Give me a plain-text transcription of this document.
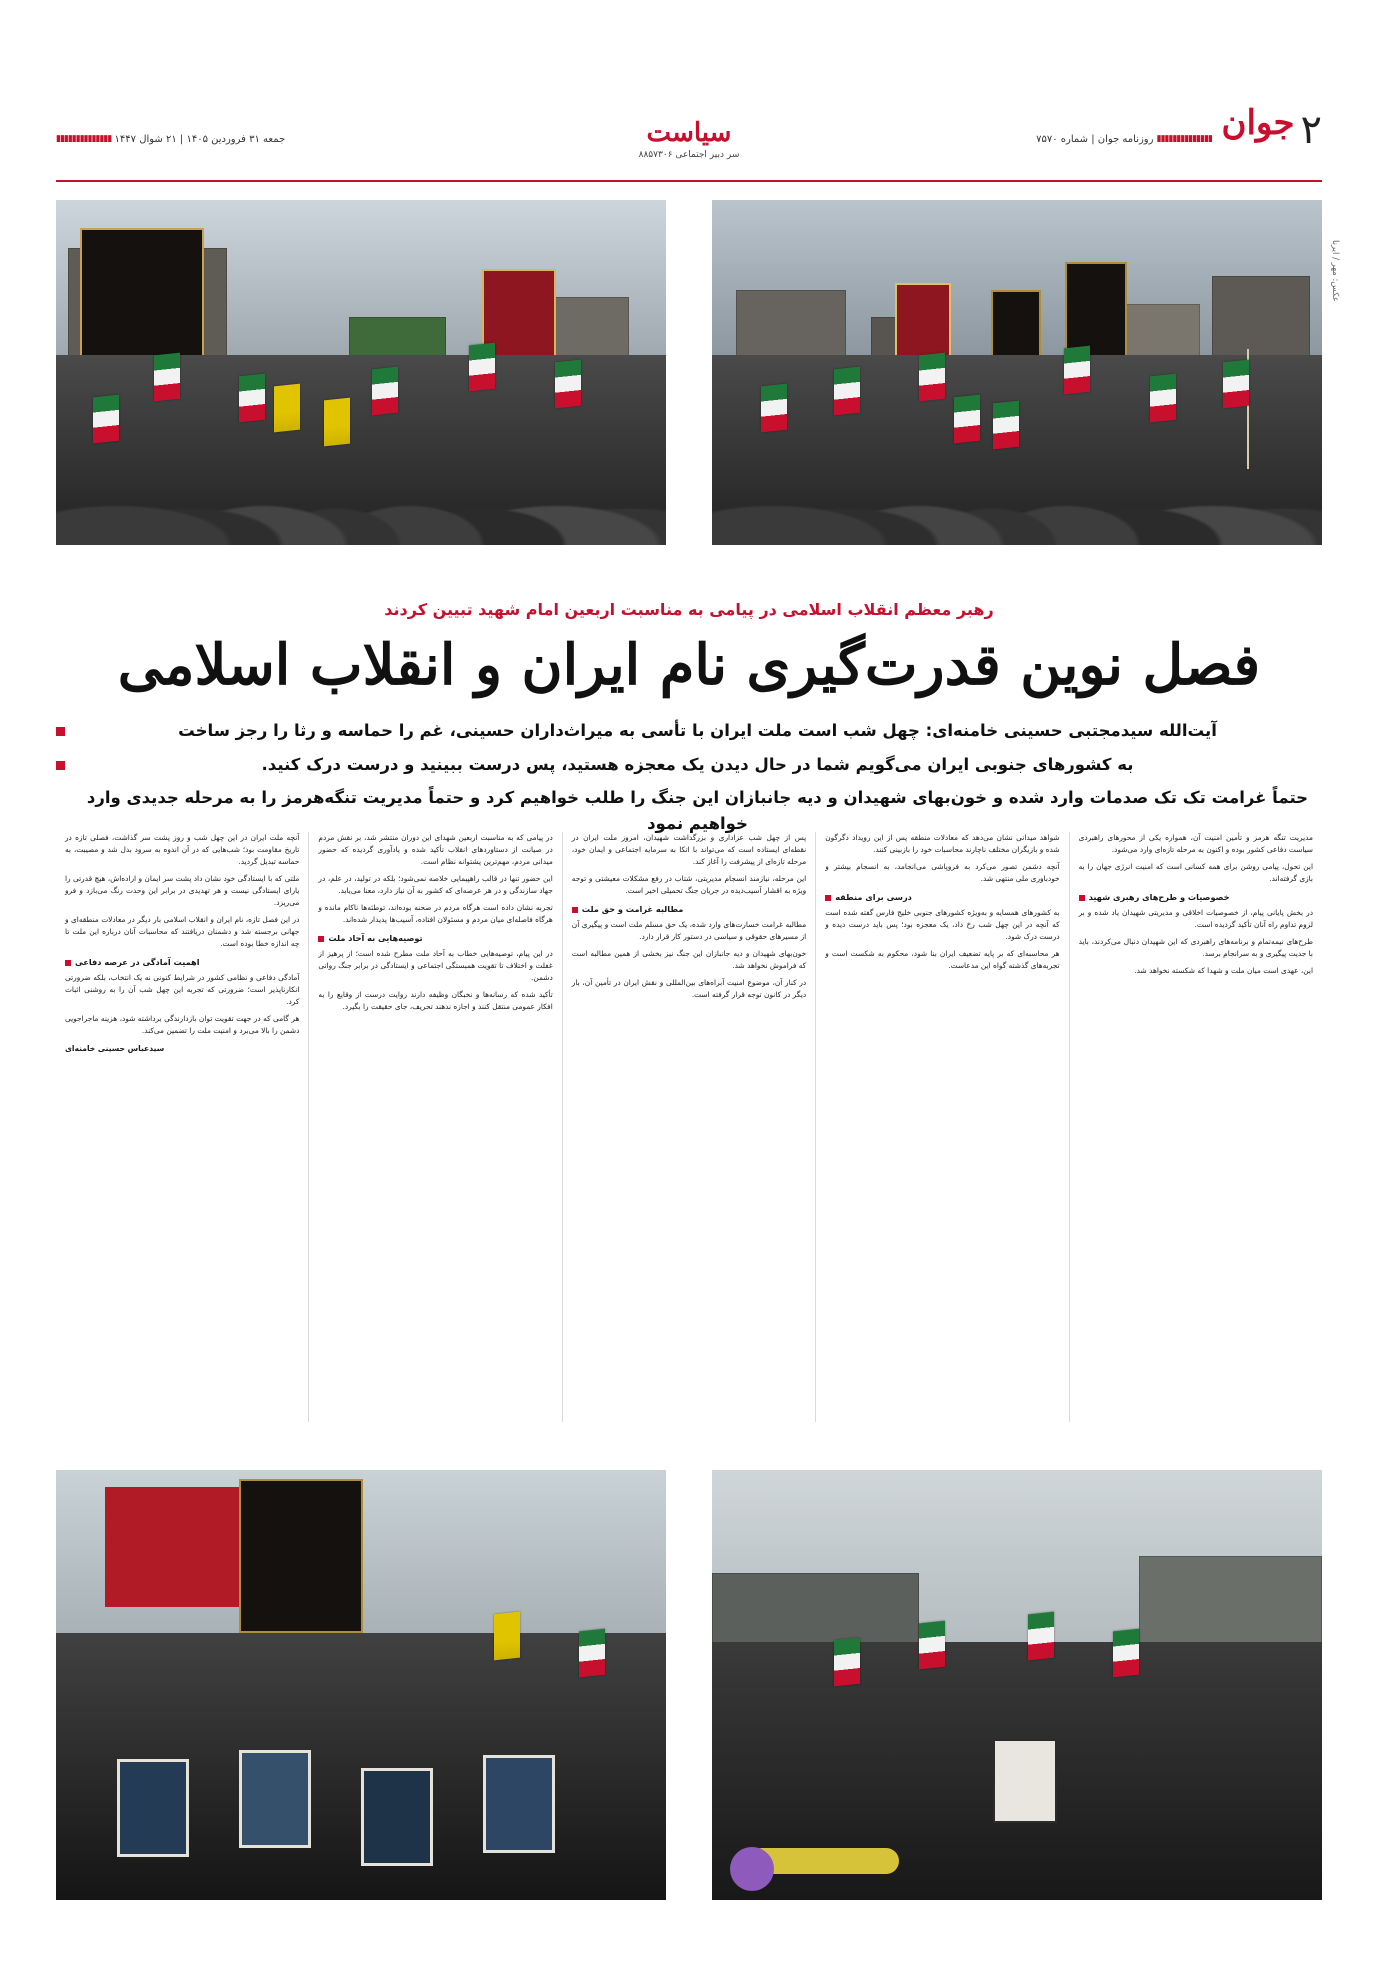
۲
جوان
▮▮▮▮▮▮▮▮▮▮▮▮▮▮ روزنامه جوان | شماره ۷۵۷۰
سیاست
سر دبیر اجتماعی ۸۸۵۷۳۰۶
جمعه ۳۱ فروردین ۱۴۰۵ | ۲۱ شوال ۱۴۴۷ ▮▮▮▮▮▮▮▮▮▮▮▮▮▮
عکس: مهر / ایرنا
رهبر معظم انقلاب اسلامی در پیامی به مناسبت اربعین امام شهید تبیین کردند
فصل نوین قدرت‌گیری نام ایران و انقلاب اسلامی
آیت‌الله سیدمجتبی حسینی خامنه‌ای: چهل شب است ملت ایران با تأسی به میراث‌داران حسینی، غم را حماسه و رثا را رجز ساخت
به کشورهای جنوبی ایران می‌گویم شما در حال دیدن یک معجزه هستید، پس درست ببینید و درست درک کنید.
حتماً غرامت تک تک صدمات وارد شده و خون‌بهای شهیدان و دیه جانبازان این جنگ را طلب خواهیم کرد و حتماً مدیریت تنگه‌هرمز را به مرحله جدیدی وارد خواهیم نمود

مدیریت تنگه هرمز و تأمین امنیت آن، همواره یکی از محورهای راهبردی سیاست دفاعی کشور بوده و اکنون به مرحله تازه‌ای وارد می‌شود.

این تحول، پیامی روشن برای همه کسانی است که امنیت انرژی جهان را به بازی گرفته‌اند.

خصوصیات و طرح‌های رهبری شهید

در بخش پایانی پیام، از خصوصیات اخلاقی و مدیریتی شهیدان یاد شده و بر لزوم تداوم راه آنان تأکید گردیده است.

طرح‌های نیمه‌تمام و برنامه‌های راهبردی که این شهیدان دنبال می‌کردند، باید با جدیت پیگیری و به سرانجام برسد.

این، عهدی است میان ملت و شهدا که شکسته نخواهد شد.

شواهد میدانی نشان می‌دهد که معادلات منطقه پس از این رویداد دگرگون شده و بازیگران مختلف ناچارند محاسبات خود را بازبینی کنند.

آنچه دشمن تصور می‌کرد به فروپاشی می‌انجامد، به انسجام بیشتر و خودباوری ملی منتهی شد.

درسی برای منطقه

به کشورهای همسایه و به‌ویژه کشورهای جنوبی خلیج فارس گفته شده است که آنچه در این چهل شب رخ داد، یک معجزه بود؛ پس باید درست دیده و درست درک شود.

هر محاسبه‌ای که بر پایه تضعیف ایران بنا شود، محکوم به شکست است و تجربه‌های گذشته گواه این مدعاست.

پس از چهل شب عزاداری و بزرگداشت شهیدان، امروز ملت ایران در نقطه‌ای ایستاده است که می‌تواند با اتکا به سرمایه اجتماعی و ایمان خود، مرحله تازه‌ای از پیشرفت را آغاز کند.

این مرحله، نیازمند انسجام مدیریتی، شتاب در رفع مشکلات معیشتی و توجه ویژه به اقشار آسیب‌دیده در جریان جنگ تحمیلی اخیر است.

مطالبه غرامت و حق ملت

مطالبه غرامت خسارت‌های وارد شده، یک حق مسلم ملت است و پیگیری آن از مسیرهای حقوقی و سیاسی در دستور کار قرار دارد.

خون‌بهای شهیدان و دیه جانبازان این جنگ نیز بخشی از همین مطالبه است که فراموش نخواهد شد.

در کنار آن، موضوع امنیت آبراه‌های بین‌المللی و نقش ایران در تأمین آن، بار دیگر در کانون توجه قرار گرفته است.

در پیامی که به مناسبت اربعین شهدای این دوران منتشر شد، بر نقش مردم در صیانت از دستاوردهای انقلاب تأکید شده و یادآوری گردیده که حضور میدانی مردم، مهم‌ترین پشتوانه نظام است.

این حضور تنها در قالب راهپیمایی خلاصه نمی‌شود؛ بلکه در تولید، در علم، در جهاد سازندگی و در هر عرصه‌ای که کشور به آن نیاز دارد، معنا می‌یابد.

تجربه نشان داده است هرگاه مردم در صحنه بوده‌اند، توطئه‌ها ناکام مانده و هرگاه فاصله‌ای میان مردم و مسئولان افتاده، آسیب‌ها پدیدار شده‌اند.

توصیه‌هایی به آحاد ملت

در این پیام، توصیه‌هایی خطاب به آحاد ملت مطرح شده است؛ از پرهیز از غفلت و اختلاف تا تقویت همبستگی اجتماعی و ایستادگی در برابر جنگ روانی دشمن.

تأکید شده که رسانه‌ها و نخبگان وظیفه دارند روایت درست از وقایع را به افکار عمومی منتقل کنند و اجازه ندهند تحریف، جای حقیقت را بگیرد.

آنچه ملت ایران در این چهل شب و روز پشت سر گذاشت، فصلی تازه در تاریخ مقاومت بود؛ شب‌هایی که در آن اندوه به سرود بدل شد و مصیبت، به حماسه تبدیل گردید.

ملتی که با ایستادگی خود نشان داد پشت سر ایمان و اراده‌اش، هیچ قدرتی را یارای ایستادگی نیست و هر تهدیدی در برابر این وحدت رنگ می‌بازد و فرو می‌ریزد.

در این فصل تازه، نام ایران و انقلاب اسلامی بار دیگر در معادلات منطقه‌ای و جهانی برجسته شد و دشمنان دریافتند که محاسبات آنان درباره این ملت تا چه اندازه خطا بوده است.

اهمیت آمادگی در عرصه دفاعی

آمادگی دفاعی و نظامی کشور در شرایط کنونی نه یک انتخاب، بلکه ضرورتی انکارناپذیر است؛ ضرورتی که تجربه این چهل شب آن را به روشنی اثبات کرد.

هر گامی که در جهت تقویت توان بازدارندگی برداشته شود، هزینه ماجراجویی دشمن را بالا می‌برد و امنیت ملت را تضمین می‌کند.

سیدعباس حسینی خامنه‌ای
